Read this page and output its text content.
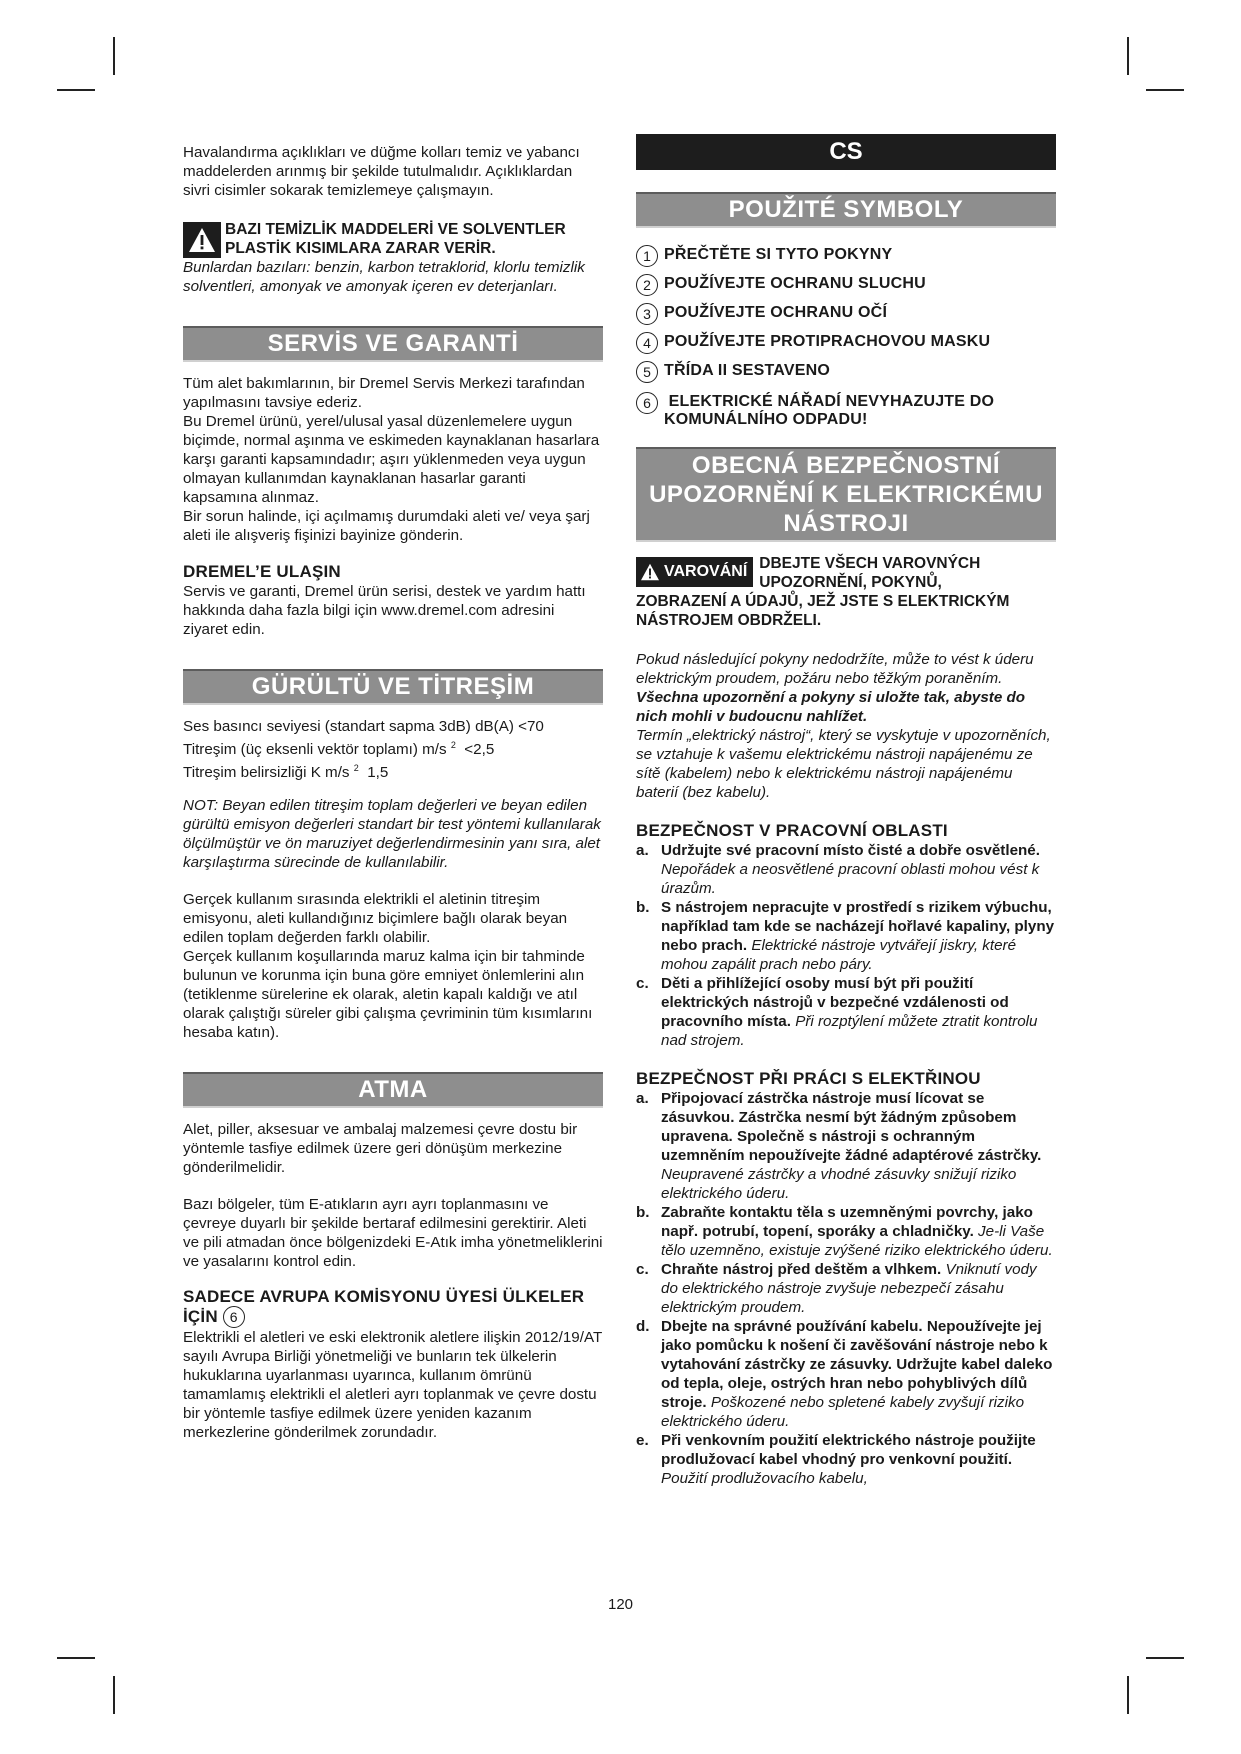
Havalandırma açıklıkları ve düğme kolları temiz ve yabancı maddelerden arınmış bir şekilde tutulmalıdır. Açıklıklardan sivri cisimler sokarak temizlemeye çalışmayın.

BAZI TEMİZLİK MADDELERİ VE SOLVENTLER PLASTİK KISIMLARA ZARAR VERİR.

Bunlardan bazıları: benzin, karbon tetraklorid, klorlu temizlik solventleri, amonyak ve amonyak içeren ev deterjanları.

SERVİS VE GARANTİ

Tüm alet bakımlarının, bir Dremel Servis Merkezi tarafından yapılmasını tavsiye ederiz.

Bu Dremel ürünü, yerel/ulusal yasal düzenlemelere uygun biçimde, normal aşınma ve eskimeden kaynaklanan hasarlara karşı garanti kapsamındadır; aşırı yüklenmeden veya uygun olmayan kullanımdan kaynaklanan hasarlar garanti kapsamına alınmaz.

Bir sorun halinde, içi açılmamış durumdaki aleti ve/ veya şarj aleti ile alışveriş fişinizi bayinize gönderin.

DREMEL’E ULAŞIN

Servis ve garanti, Dremel ürün serisi, destek ve yardım hattı hakkında daha fazla bilgi için www.dremel.com adresini ziyaret edin.

GÜRÜLTÜ VE TİTREŞİM

Ses basıncı seviyesi (standart sapma 3dB) dB(A) <70

Titreşim (üç eksenli vektör toplamı) m/s $^2$ <2,5

Titreşim belirsizliği K m/s $^2$ 1,5

NOT: Beyan edilen titreşim toplam değerleri ve beyan edilen gürültü emisyon değerleri standart bir test yöntemi kullanılarak ölçülmüştür ve ön maruziyet değerlendirmesinin yanı sıra, alet karşılaştırma sürecinde de kullanılabilir.

Gerçek kullanım sırasında elektrikli el aletinin titreşim emisyonu, aleti kullandığınız biçimlere bağlı olarak beyan edilen toplam değerden farklı olabilir.

Gerçek kullanım koşullarında maruz kalma için bir tahminde bulunun ve korunma için buna göre emniyet önlemlerini alın (tetiklenme sürelerine ek olarak, aletin kapalı kaldığı ve atıl olarak çalıştığı süreler gibi çalışma çevriminin tüm kısımlarını hesaba katın).

ATMA

Alet, piller, aksesuar ve ambalaj malzemesi çevre dostu bir yöntemle tasfiye edilmek üzere geri dönüşüm merkezine gönderilmelidir.

Bazı bölgeler, tüm E-atıkların ayrı ayrı toplanmasını ve çevreye duyarlı bir şekilde bertaraf edilmesini gerektirir. Aleti ve pili atmadan önce bölgenizdeki E-Atık imha yönetmeliklerini ve yasalarını kontrol edin.

SADECE AVRUPA KOMİSYONU ÜYESİ ÜLKELER İÇİN 6

Elektrikli el aletleri ve eski elektronik aletlere ilişkin 2012/19/AT sayılı Avrupa Birliği yönetmeliği ve bunların tek ülkelerin hukuklarına uyarlanması uyarınca, kullanım ömrünü tamamlamış elektrikli el aletleri ayrı toplanmak ve çevre dostu bir yöntemle tasfiye edilmek üzere yeniden kazanım merkezlerine gönderilmek zorundadır.

CS
POUŽITÉ SYMBOLY
1 PŘEČTĚTE SI TYTO POKYNY
2 POUŽÍVEJTE OCHRANU SLUCHU
3 POUŽÍVEJTE OCHRANU OČÍ
4 POUŽÍVEJTE PROTIPRACHOVOU MASKU
5 TŘÍDA II SESTAVENO
6 ELEKTRICKÉ NÁŘADÍ NEVYHAZUJTE DO KOMUNÁLNÍHO ODPADU!
OBECNÁ BEZPEČNOSTNÍ
UPOZORNĚNÍ K ELEKTRICKÉMU
NÁSTROJI
VAROVÁNÍ DBEJTE VŠECH VAROVNÝCH UPOZORNĚNÍ, POKYNŮ,
ZOBRAZENÍ A ÚDAJŮ, JEŽ JSTE S ELEKTRICKÝM NÁSTROJEM OBDRŽELI.

Pokud následující pokyny nedodržíte, může to vést k úderu elektrickým proudem, požáru nebo těžkým poraněním.

Všechna upozornění a pokyny si uložte tak, abyste do nich mohli v budoucnu nahlížet.

Termín „elektrický nástroj“, který se vyskytuje v upozorněních, se vztahuje k vašemu elektrickému nástroji napájenému ze sítě (kabelem) nebo k elektrickému nástroji napájenému baterií (bez kabelu).

BEZPEČNOST V PRACOVNÍ OBLASTI
a. Udržujte své pracovní místo čisté a dobře osvětlené. Nepořádek a neosvětlené pracovní oblasti mohou vést k úrazům.

b. S nástrojem nepracujte v prostředí s rizikem výbuchu, například tam kde se nacházejí hořlavé kapaliny, plyny nebo prach. Elektrické nástroje vytvářejí jiskry, které mohou zapálit prach nebo páry.

c. Děti a přihlížející osoby musí být při použití elektrických nástrojů v bezpečné vzdálenosti od pracovního místa. Při rozptýlení můžete ztratit kontrolu nad strojem.

BEZPEČNOST PŘI PRÁCI S ELEKTŘINOU
a. Připojovací zástrčka nástroje musí lícovat se zásuvkou. Zástrčka nesmí být žádným způsobem upravena. Společně s nástroji s ochranným uzemněním nepoužívejte žádné adaptérové zástrčky. Neupravené zástrčky a vhodné zásuvky snižují riziko elektrického úderu.

b. Zabraňte kontaktu těla s uzemněnými povrchy, jako např. potrubí, topení, sporáky a chladničky. Je-li Vaše tělo uzemněno, existuje zvýšené riziko elektrického úderu.

c. Chraňte nástroj před deštěm a vlhkem. Vniknutí vody do elektrického nástroje zvyšuje nebezpečí zásahu elektrickým proudem.

d. Dbejte na správné používání kabelu. Nepoužívejte jej jako pomůcku k nošení či zavěšování nástroje nebo k vytahování zástrčky ze zásuvky. Udržujte kabel daleko od tepla, oleje, ostrých hran nebo pohyblivých dílů stroje. Poškozené nebo spletené kabely zvyšují riziko elektrického úderu.

e. Při venkovním použití elektrického nástroje použijte prodlužovací kabel vhodný pro venkovní použití. Použití prodlužovacího kabelu,

120
